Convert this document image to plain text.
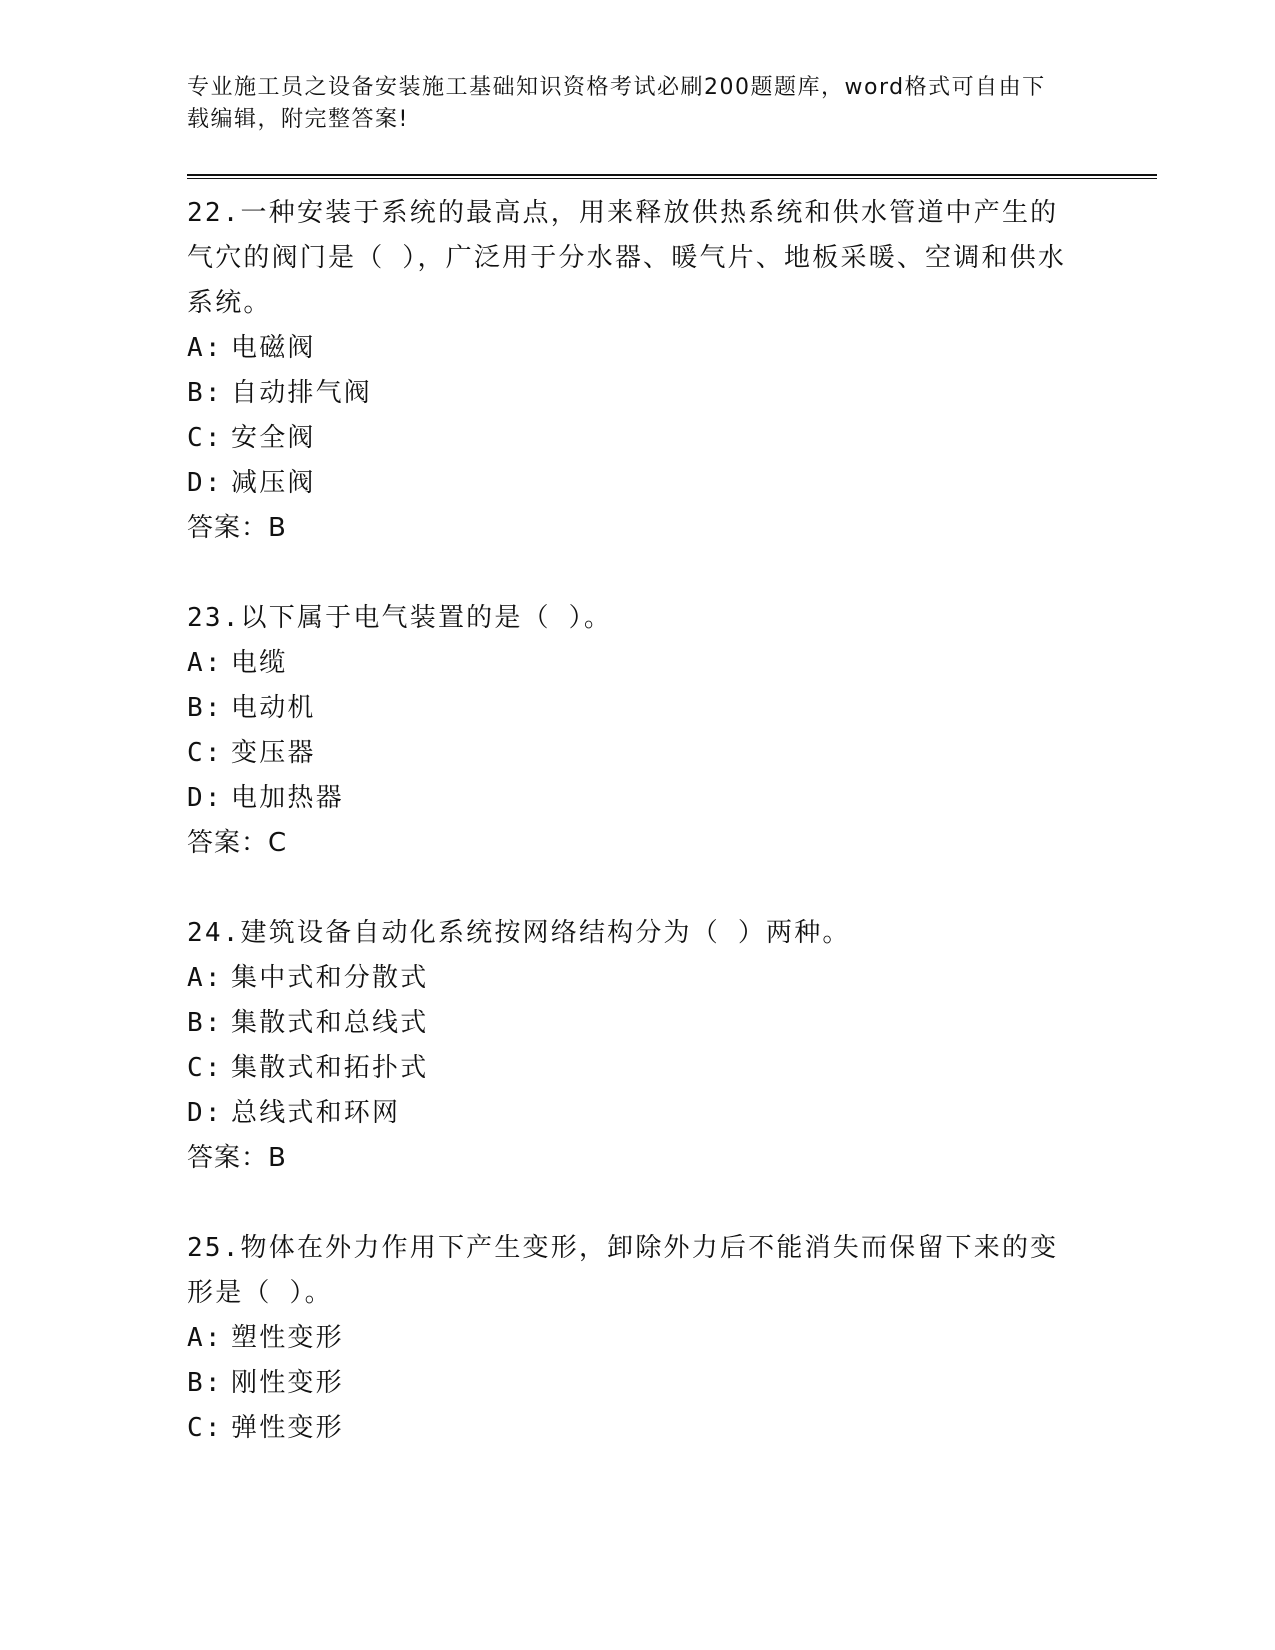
专业施工员之设备安装施工基础知识资格考试必刷200题题库，word格式可自由下载编辑，附完整答案!

22.一种安装于系统的最高点，用来释放供热系统和供水管道中产生的气穴的阀门是（ ），广泛用于分水器、暖气片、地板采暖、空调和供水系统。

A: 电磁阀

B: 自动排气阀

C: 安全阀

D: 减压阀

答案：B

23.以下属于电气装置的是（ ）。

A: 电缆

B: 电动机

C: 变压器

D: 电加热器

答案：C

24.建筑设备自动化系统按网络结构分为（ ）两种。

A: 集中式和分散式

B: 集散式和总线式

C: 集散式和拓扑式

D: 总线式和环网

答案：B

25.物体在外力作用下产生变形，卸除外力后不能消失而保留下来的变形是（ ）。

A: 塑性变形

B: 刚性变形

C: 弹性变形
